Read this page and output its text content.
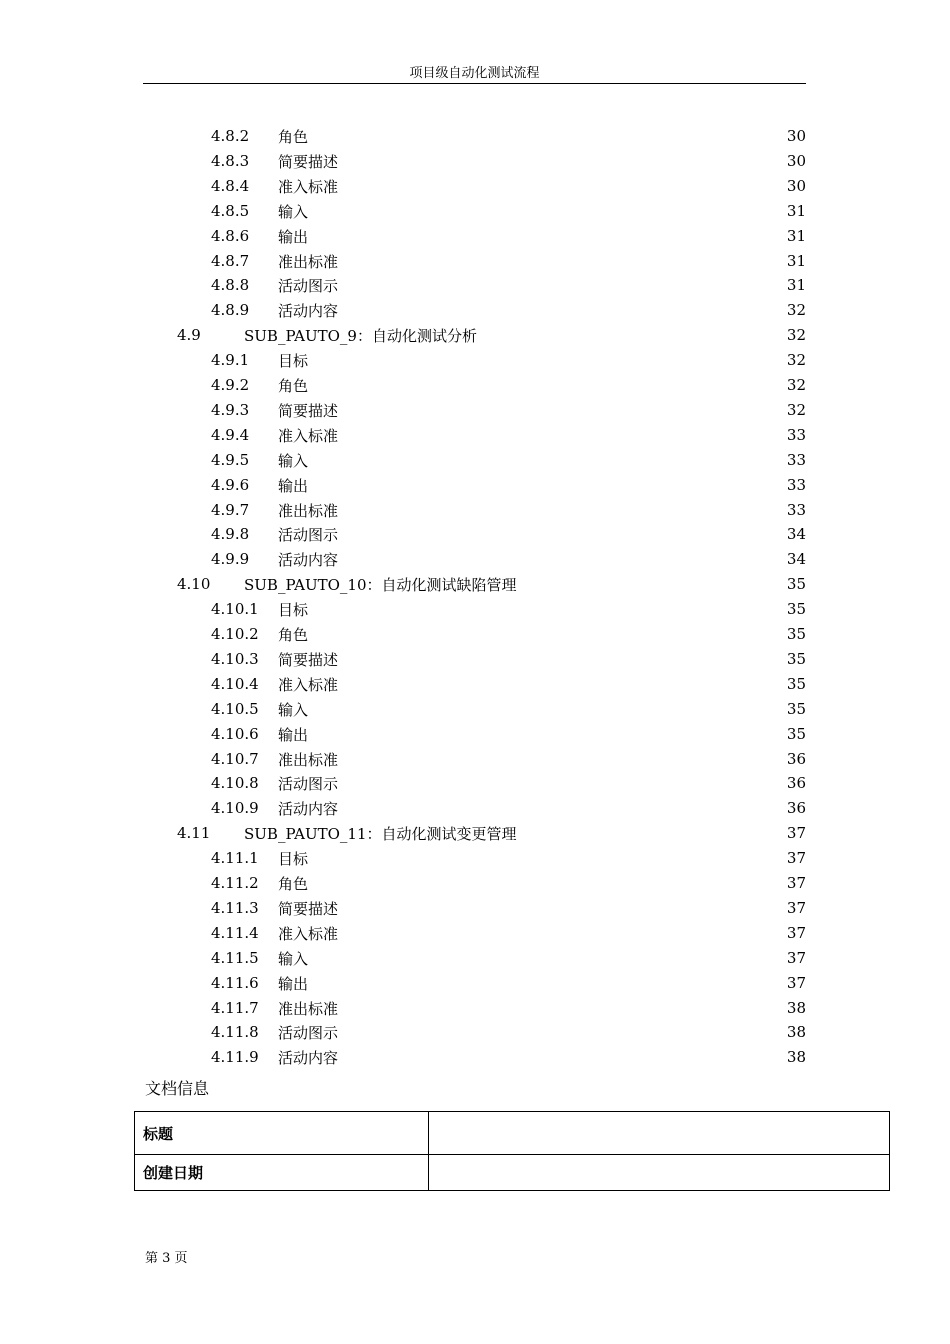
项目级自动化测试流程
4.8.2	角色	30
4.8.3	简要描述	30
4.8.4	准入标准	30
4.8.5	输入	31
4.8.6	输出	31
4.8.7	准出标准	31
4.8.8	活动图示	31
4.8.9	活动内容	32
4.9	SUB_PAUTO_9：自动化测试分析	32
4.9.1	目标	32
4.9.2	角色	32
4.9.3	简要描述	32
4.9.4	准入标准	33
4.9.5	输入	33
4.9.6	输出	33
4.9.7	准出标准	33
4.9.8	活动图示	34
4.9.9	活动内容	34
4.10	SUB_PAUTO_10：自动化测试缺陷管理	35
4.10.1	目标	35
4.10.2	角色	35
4.10.3	简要描述	35
4.10.4	准入标准	35
4.10.5	输入	35
4.10.6	输出	35
4.10.7	准出标准	36
4.10.8	活动图示	36
4.10.9	活动内容	36
4.11	SUB_PAUTO_11：自动化测试变更管理	37
4.11.1	目标	37
4.11.2	角色	37
4.11.3	简要描述	37
4.11.4	准入标准	37
4.11.5	输入	37
4.11.6	输出	37
4.11.7	准出标准	38
4.11.8	活动图示	38
4.11.9	活动内容	38
文档信息
标题	
创建日期	
第 3 页
